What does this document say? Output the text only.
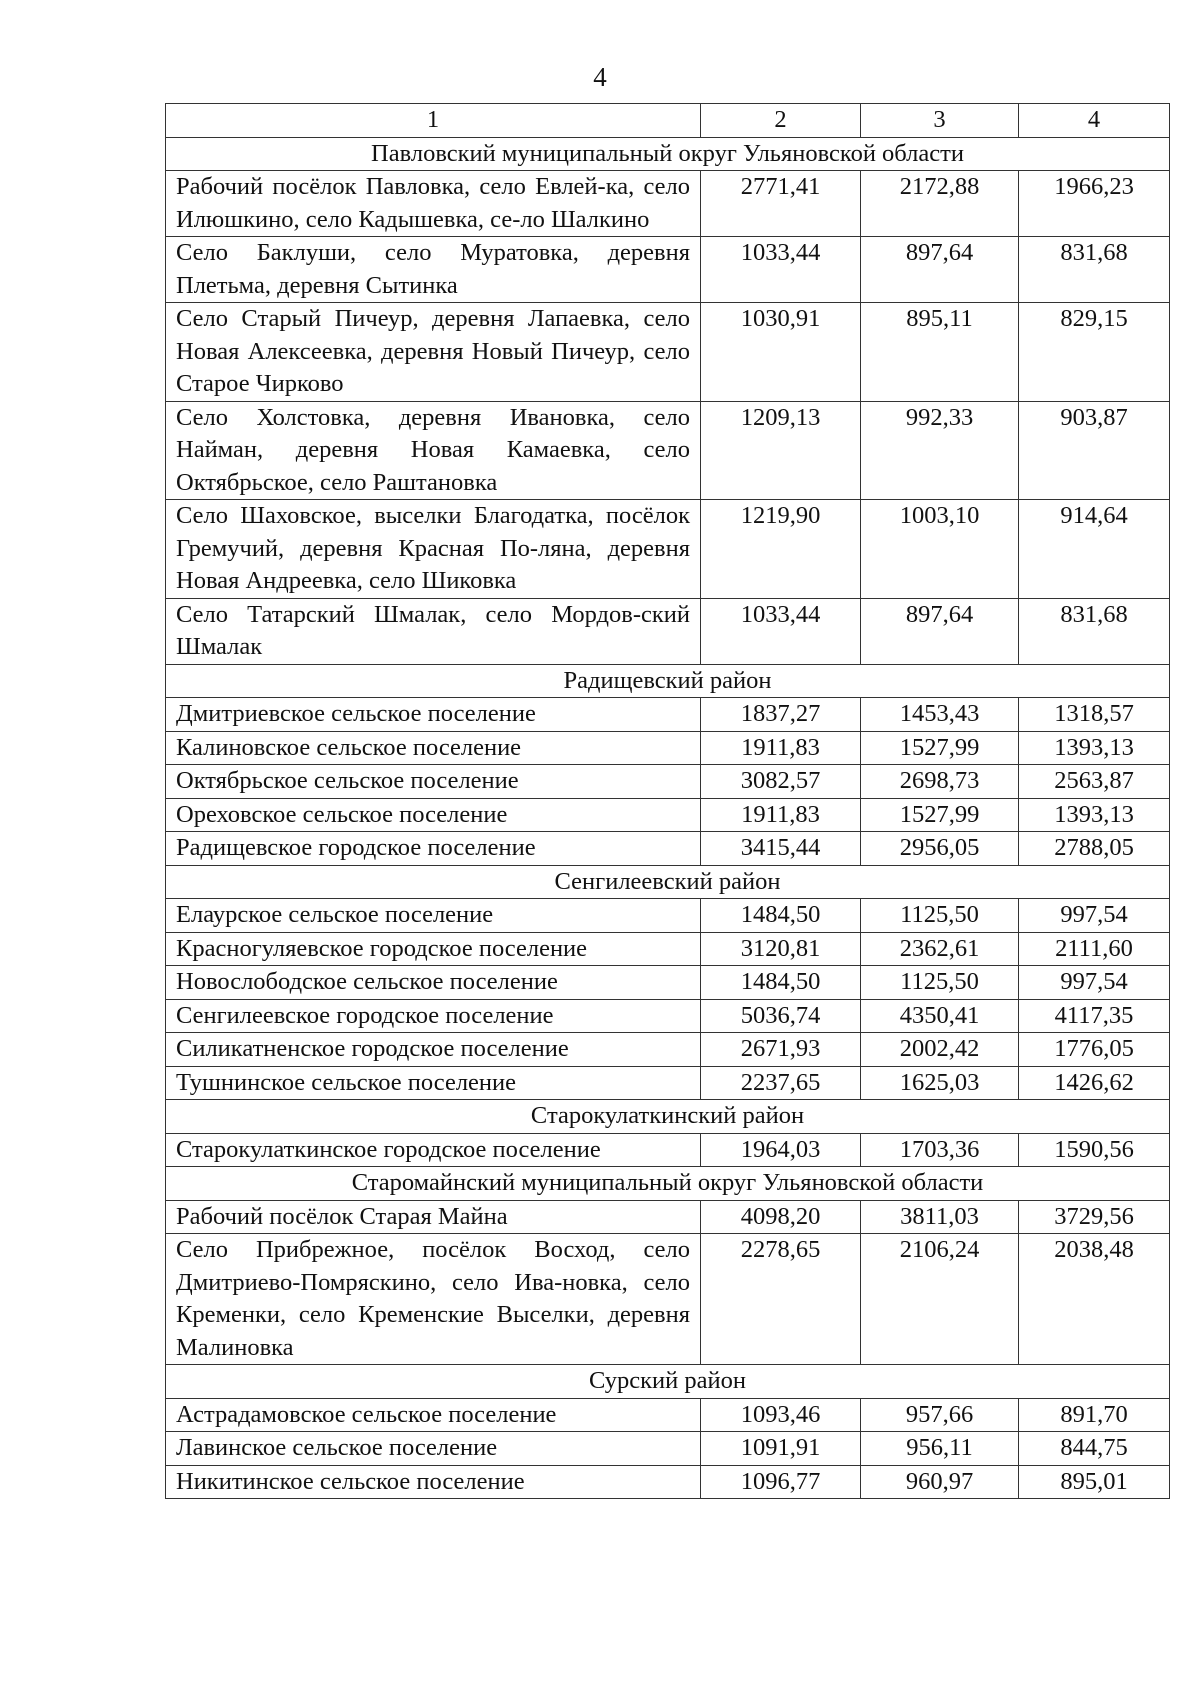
4
1	2	3	4
Павловский муниципальный округ Ульяновской области			
Рабочий посёлок Павловка, село Евлей-ка, село Илюшкино, село Кадышевка, се-ло Шалкино	2771,41	2172,88	1966,23
Село Баклуши, село Муратовка, деревня Плетьма, деревня Сытинка	1033,44	897,64	831,68
Село Старый Пичеур, деревня Лапаевка, село Новая Алексеевка, деревня Новый Пичеур, село Старое Чирково	1030,91	895,11	829,15
Село Холстовка, деревня Ивановка, село Найман, деревня Новая Камаевка, село Октябрьское, село Раштановка	1209,13	992,33	903,87
Село Шаховское, выселки Благодатка, посёлок Гремучий, деревня Красная По-ляна, деревня Новая Андреевка, село Шиковка	1219,90	1003,10	914,64
Село Татарский Шмалак, село Мордов-ский Шмалак	1033,44	897,64	831,68
Радищевский район			
Дмитриевское сельское поселение	1837,27	1453,43	1318,57
Калиновское сельское поселение	1911,83	1527,99	1393,13
Октябрьское сельское поселение	3082,57	2698,73	2563,87
Ореховское сельское поселение	1911,83	1527,99	1393,13
Радищевское городское поселение	3415,44	2956,05	2788,05
Сенгилеевский район			
Елаурское сельское поселение	1484,50	1125,50	997,54
Красногуляевское городское поселение	3120,81	2362,61	2111,60
Новослободское сельское поселение	1484,50	1125,50	997,54
Сенгилеевское городское поселение	5036,74	4350,41	4117,35
Силикатненское городское поселение	2671,93	2002,42	1776,05
Тушнинское сельское поселение	2237,65	1625,03	1426,62
Старокулаткинский район			
Старокулаткинское городское поселение	1964,03	1703,36	1590,56
Старомайнский муниципальный округ Ульяновской области			
Рабочий посёлок Старая Майна	4098,20	3811,03	3729,56
Село Прибрежное, посёлок Восход, село Дмитриево-Помряскино, село Ива-новка, село Кременки, село Кременские Выселки, деревня Малиновка	2278,65	2106,24	2038,48
Сурский район			
Астрадамовское сельское поселение	1093,46	957,66	891,70
Лавинское сельское поселение	1091,91	956,11	844,75
Никитинское сельское поселение	1096,77	960,97	895,01
